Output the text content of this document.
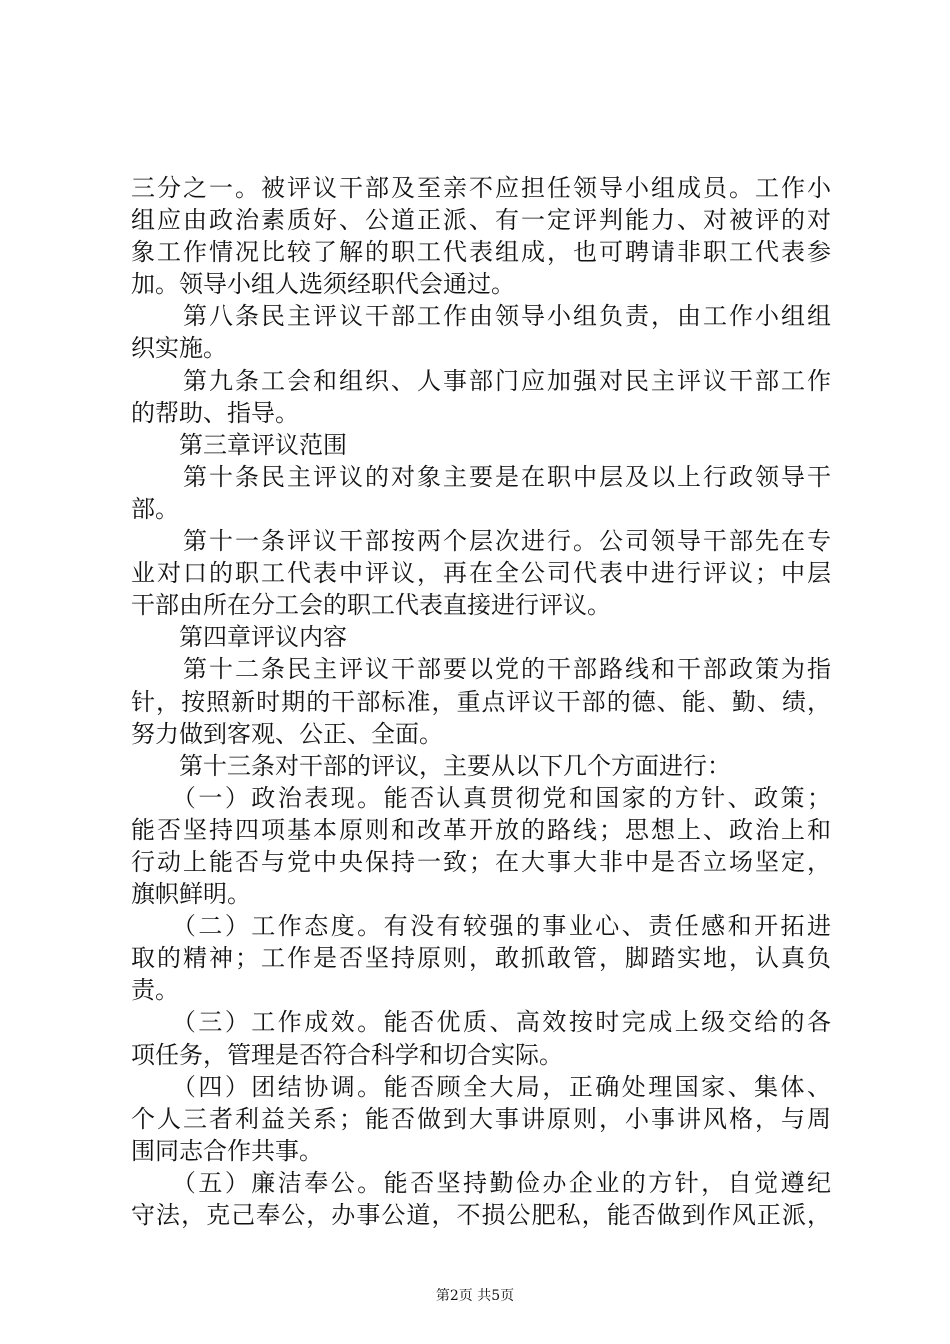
三分之一。被评议干部及至亲不应担任领导小组成员。工作小
组应由政治素质好、公道正派、有一定评判能力、对被评的对
象工作情况比较了解的职工代表组成，也可聘请非职工代表参
加。领导小组人选须经职代会通过。
　　第八条民主评议干部工作由领导小组负责，由工作小组组
织实施。
　　第九条工会和组织、人事部门应加强对民主评议干部工作
的帮助、指导。
　　第三章评议范围
　　第十条民主评议的对象主要是在职中层及以上行政领导干
部。
　　第十一条评议干部按两个层次进行。公司领导干部先在专
业对口的职工代表中评议，再在全公司代表中进行评议；中层
干部由所在分工会的职工代表直接进行评议。
　　第四章评议内容
　　第十二条民主评议干部要以党的干部路线和干部政策为指
针，按照新时期的干部标准，重点评议干部的德、能、勤、绩，
努力做到客观、公正、全面。
　　第十三条对干部的评议，主要从以下几个方面进行：
　　（一）政治表现。能否认真贯彻党和国家的方针、政策；
能否坚持四项基本原则和改革开放的路线；思想上、政治上和
行动上能否与党中央保持一致；在大事大非中是否立场坚定，
旗帜鲜明。
　　（二）工作态度。有没有较强的事业心、责任感和开拓进
取的精神；工作是否坚持原则，敢抓敢管，脚踏实地，认真负
责。
　　（三）工作成效。能否优质、高效按时完成上级交给的各
项任务，管理是否符合科学和切合实际。
　　（四）团结协调。能否顾全大局，正确处理国家、集体、
个人三者利益关系；能否做到大事讲原则，小事讲风格，与周
围同志合作共事。
　　（五）廉洁奉公。能否坚持勤俭办企业的方针，自觉遵纪
守法，克己奉公，办事公道，不损公肥私，能否做到作风正派，
第2页 共5页
